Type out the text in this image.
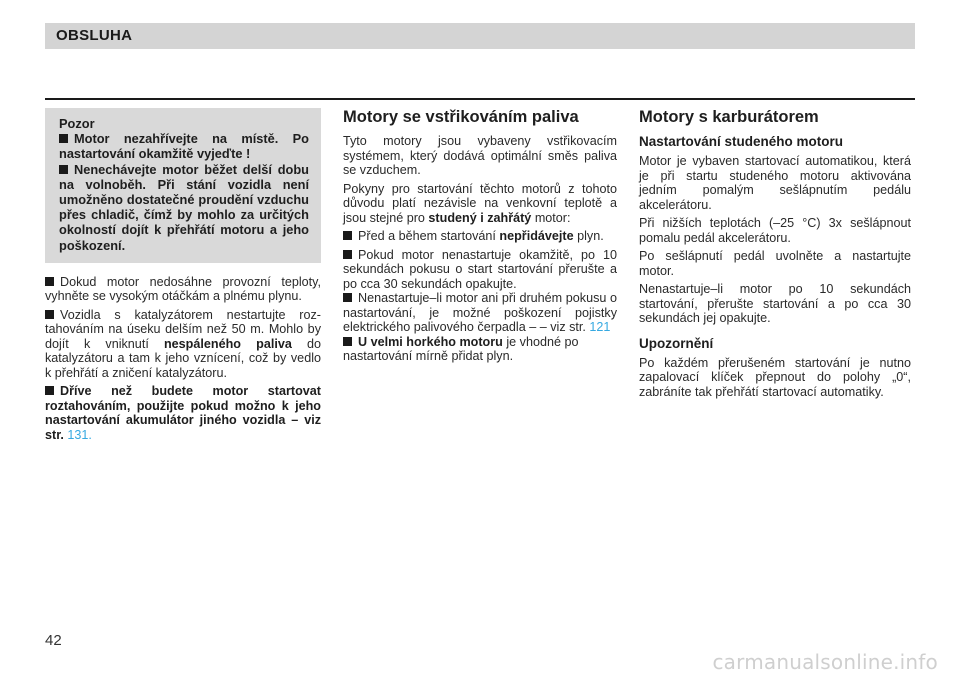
OBSLUHA
Pozor
Motor nezahřívejte na místě. Po nastartování okamžitě vyjeďte !
Nenechávejte motor běžet delší dobu na volnoběh. Při stání vozidla není umožněno dostatečné proudění vzduchu přes chladič, čímž by mohlo za určitých okolností dojít k přehřátí motoru a jeho poškození.

Dokud motor nedosáhne provozní teploty, vyhněte se vysokým otáčkám a plnému plynu.

Vozidla s katalyzátorem nestartujte roztahováním na úseku delším než 50 m. Mohlo by dojít k vniknutí nespáleného paliva do katalyzátoru a tam k jeho vznícení, což by vedlo k přehřátí a zničení katalyzátoru.

Dříve než budete motor startovat roztahováním, použijte pokud možno k jeho nastartování akumulátor jiného vozidla – viz str. 131.

Motory se vstřikováním paliva

Tyto motory jsou vybaveny vstřikovacím systémem, který dodává optimální směs paliva se vzduchem.

Pokyny pro startování těchto motorů z tohoto důvodu platí nezávisle na venkovní teplotě a jsou stejné pro studený i zahřátý motor:

Před a během startování nepřidávejte plyn.

Pokud motor nenastartuje okamžitě, po 10 sekundách pokusu o start startování přerušte a po cca 30 sekundách opakujte.

Nenastartuje–li motor ani při druhém pokusu o nastartování, je možné poškození pojistky elektrického palivového čerpadla – – viz str. 121

U velmi horkého motoru je vhodné po nastartování mírně přidat plyn.

Motory s karburátorem
Nastartování studeného motoru

Motor je vybaven startovací automatikou, která je při startu studeného motoru aktivována jedním pomalým sešlápnutím pedálu akcelerátoru.

Při nižších teplotách (–25 °C) 3x sešlápnout pomalu pedál akcelerátoru.

Po sešlápnutí pedál uvolněte a nastartujte motor.

Nenastartuje–li motor po 10 sekundách startování, přerušte startování a po cca 30 sekundách jej opakujte.

Upozornění

Po každém přerušeném startování je nutno zapalovací klíček přepnout do polohy „0“, zabráníte tak přehřátí startovací automatiky.

42
carmanualsonline.info
